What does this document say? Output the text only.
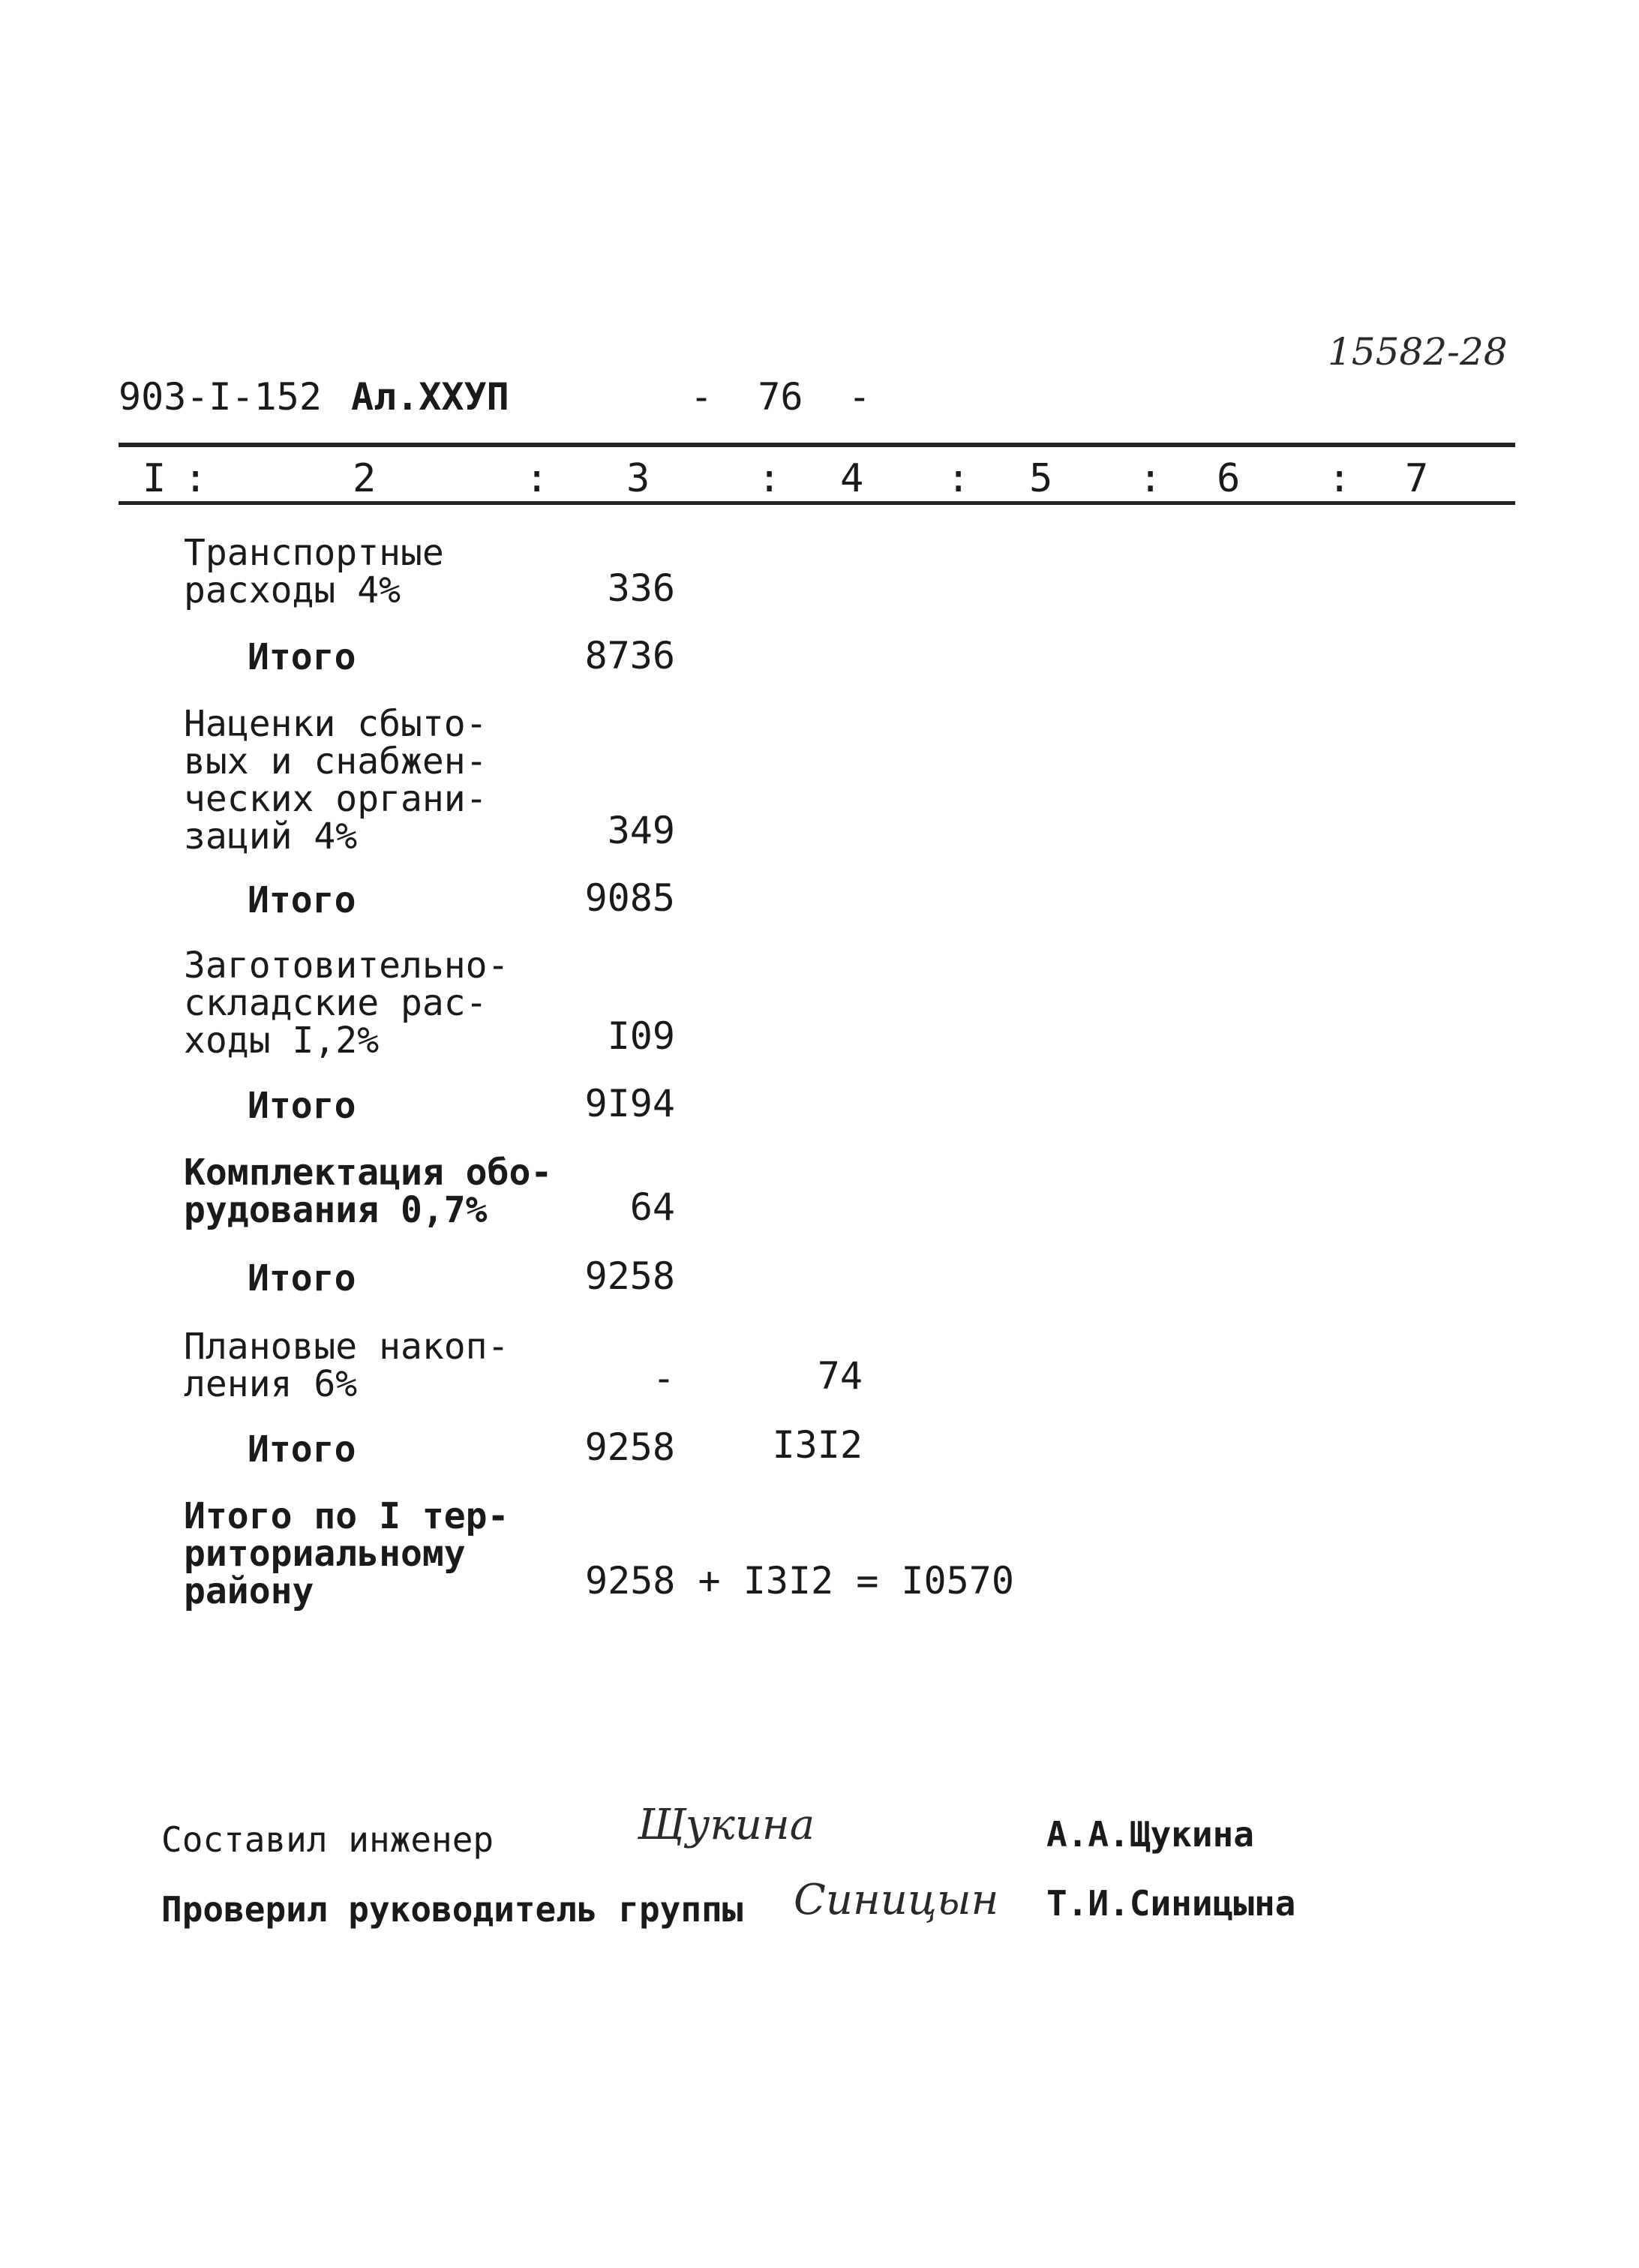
903-I-152 Ал.ХХУП	-  76  -
15582-28
I :	2	: 3	: 4 : 5 : 6 : 7
Транспортные
расходы 4%	336
Итого	8736
Наценки сбыто-
вых и снабжен-
ческих органи-
заций 4%	349
Итого	9085
Заготовительно-
складские рас-
ходы I,2%	I09
Итого	9I94
Комплектация обо-
рудования 0,7%	64
Итого	9258
Плановые накоп-
ления 6%	-	74
Итого	9258	I3I2
Итого по I тер-
риториальному
району	9258 + I3I2 = I0570
Составил инженер	Щукина	А.А.Щукина
Проверил руководитель группы Синицын Т.И.Синицына
